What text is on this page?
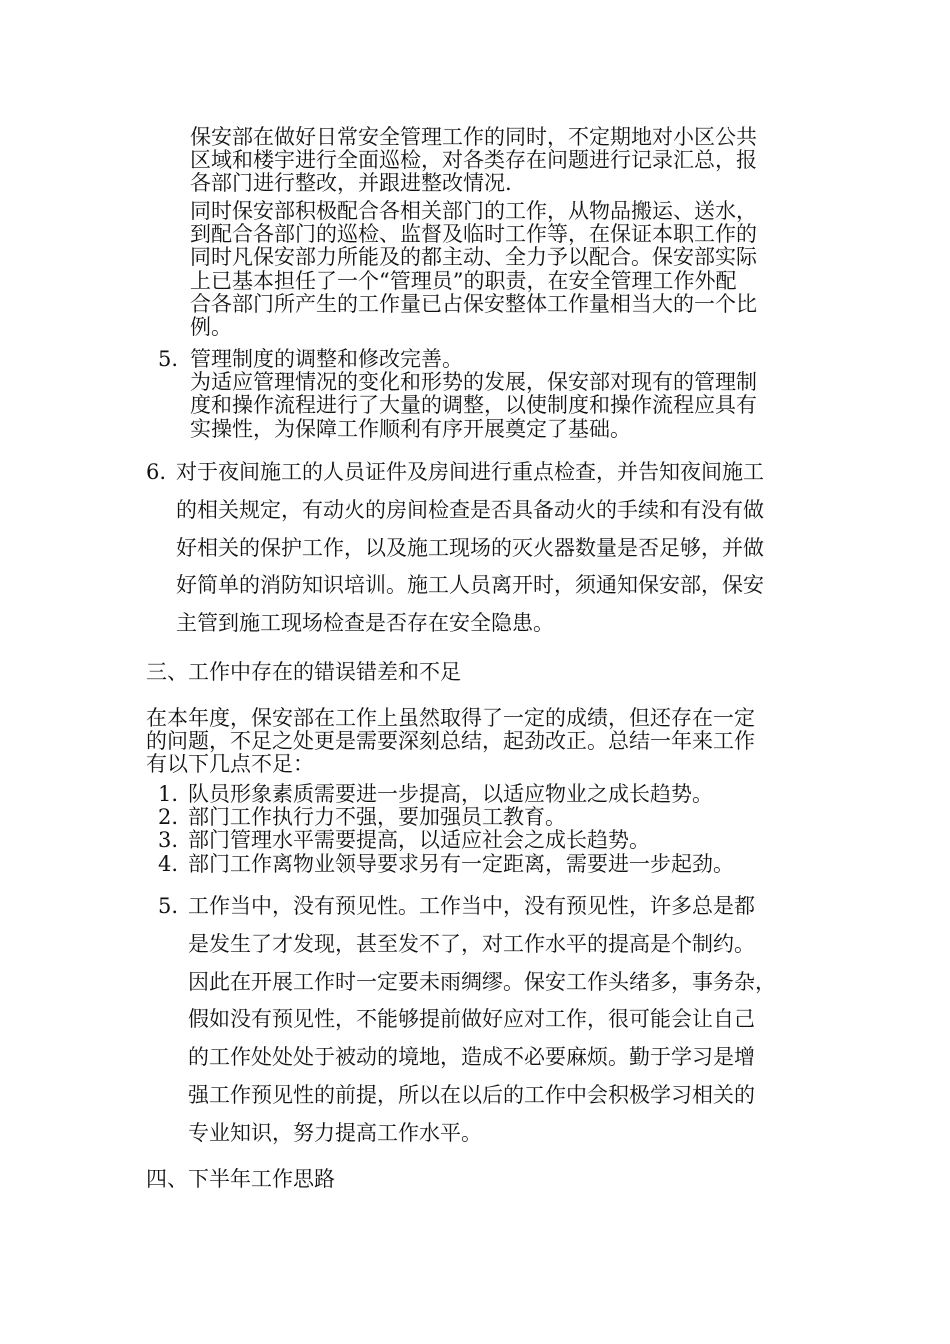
保安部在做好日常安全管理工作的同时，不定期地对小区公共
区域和楼宇进行全面巡检，对各类存在问题进行记录汇总，报
各部门进行整改，并跟进整改情况.
同时保安部积极配合各相关部门的工作，从物品搬运、送水，
到配合各部门的巡检、监督及临时工作等，在保证本职工作的
同时凡保安部力所能及的都主动、全力予以配合。保安部实际
上已基本担任了一个“管理员”的职责，在安全管理工作外配
合各部门所产生的工作量已占保安整体工作量相当大的一个比
例。
5. 管理制度的调整和修改完善。
为适应管理情况的变化和形势的发展，保安部对现有的管理制
度和操作流程进行了大量的调整，以使制度和操作流程应具有
实操性，为保障工作顺利有序开展奠定了基础。
6. 对于夜间施工的人员证件及房间进行重点检查，并告知夜间施工
的相关规定，有动火的房间检查是否具备动火的手续和有没有做
好相关的保护工作，以及施工现场的灭火器数量是否足够，并做
好简单的消防知识培训。施工人员离开时，须通知保安部，保安
主管到施工现场检查是否存在安全隐患。
三、工作中存在的错误错差和不足
在本年度，保安部在工作上虽然取得了一定的成绩，但还存在一定
的问题，不足之处更是需要深刻总结，起劲改正。总结一年来工作
有以下几点不足：
1. 队员形象素质需要进一步提高，以适应物业之成长趋势。
2. 部门工作执行力不强，要加强员工教育。
3. 部门管理水平需要提高，以适应社会之成长趋势。
4. 部门工作离物业领导要求另有一定距离，需要进一步起劲。
5. 工作当中，没有预见性。工作当中，没有预见性，许多总是都
是发生了才发现，甚至发不了，对工作水平的提高是个制约。
因此在开展工作时一定要未雨绸缪。保安工作头绪多，事务杂，
假如没有预见性，不能够提前做好应对工作，很可能会让自己
的工作处处处于被动的境地，造成不必要麻烦。勤于学习是增
强工作预见性的前提，所以在以后的工作中会积极学习相关的
专业知识，努力提高工作水平。
四、下半年工作思路
